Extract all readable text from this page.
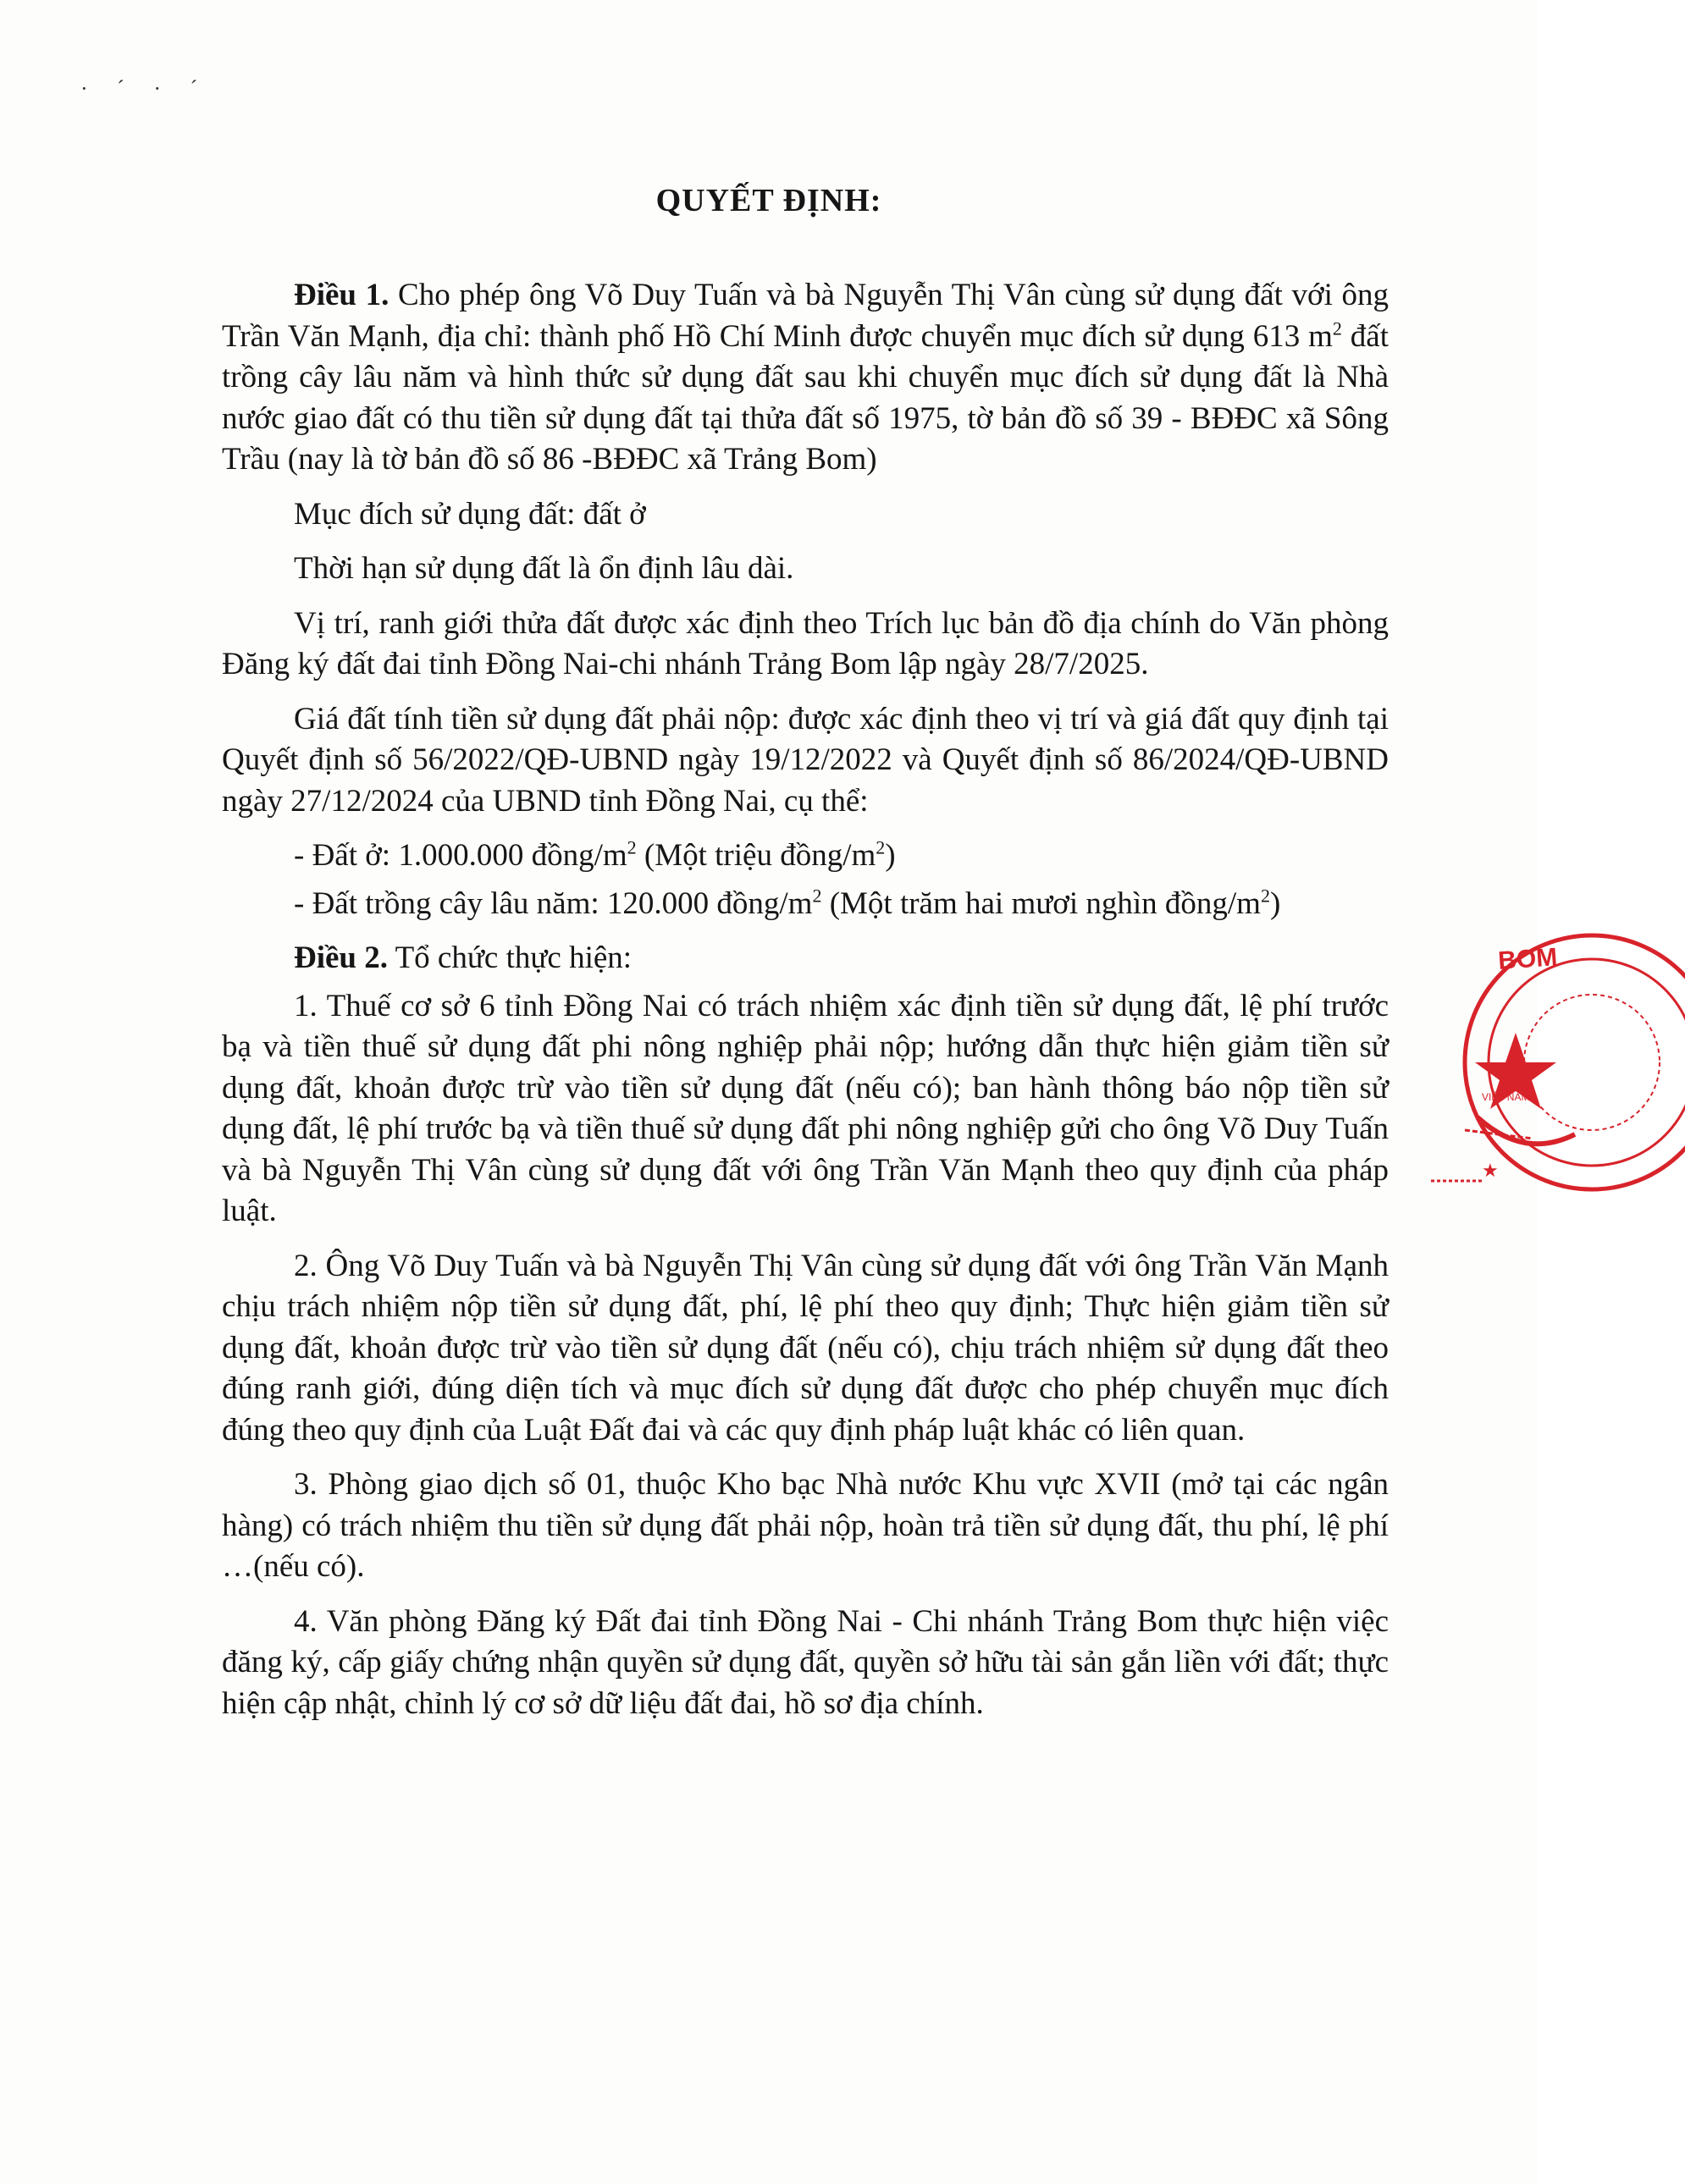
· ˊ · ˊ
QUYẾT ĐỊNH:

Điều 1. Cho phép ông Võ Duy Tuấn và bà Nguyễn Thị Vân cùng sử dụng đất với ông Trần Văn Mạnh, địa chỉ: thành phố Hồ Chí Minh được chuyển mục đích sử dụng 613 $m^2$ đất trồng cây lâu năm và hình thức sử dụng đất sau khi chuyển mục đích sử dụng đất là Nhà nước giao đất có thu tiền sử dụng đất tại thửa đất số 1975, tờ bản đồ số 39 - BĐĐC xã Sông Trầu (nay là tờ bản đồ số 86 -BĐĐC xã Trảng Bom)

Mục đích sử dụng đất: đất ở

Thời hạn sử dụng đất là ổn định lâu dài.

Vị trí, ranh giới thửa đất được xác định theo Trích lục bản đồ địa chính do Văn phòng Đăng ký đất đai tỉnh Đồng Nai-chi nhánh Trảng Bom lập ngày 28/7/2025.

Giá đất tính tiền sử dụng đất phải nộp: được xác định theo vị trí và giá đất quy định tại Quyết định số 56/2022/QĐ-UBND ngày 19/12/2022 và Quyết định số 86/2024/QĐ-UBND ngày 27/12/2024 của UBND tỉnh Đồng Nai, cụ thể:

- Đất ở: 1.000.000 đồng/$m^2$ (Một triệu đồng/$m^2$)

- Đất trồng cây lâu năm: 120.000 đồng/$m^2$ (Một trăm hai mươi nghìn đồng/$m^2$)

Điều 2. Tổ chức thực hiện:

1. Thuế cơ sở 6 tỉnh Đồng Nai có trách nhiệm xác định tiền sử dụng đất, lệ phí trước bạ và tiền thuế sử dụng đất phi nông nghiệp phải nộp; hướng dẫn thực hiện giảm tiền sử dụng đất, khoản được trừ vào tiền sử dụng đất (nếu có); ban hành thông báo nộp tiền sử dụng đất, lệ phí trước bạ và tiền thuế sử dụng đất phi nông nghiệp gửi cho ông Võ Duy Tuấn và bà Nguyễn Thị Vân cùng sử dụng đất với ông Trần Văn Mạnh theo quy định của pháp luật.

2. Ông Võ Duy Tuấn và bà Nguyễn Thị Vân cùng sử dụng đất với ông Trần Văn Mạnh chịu trách nhiệm nộp tiền sử dụng đất, phí, lệ phí theo quy định; Thực hiện giảm tiền sử dụng đất, khoản được trừ vào tiền sử dụng đất (nếu có), chịu trách nhiệm sử dụng đất theo đúng ranh giới, đúng diện tích và mục đích sử dụng đất được cho phép chuyển mục đích đúng theo quy định của Luật Đất đai và các quy định pháp luật khác có liên quan.

3. Phòng giao dịch số 01, thuộc Kho bạc Nhà nước Khu vực XVII (mở tại các ngân hàng) có trách nhiệm thu tiền sử dụng đất phải nộp, hoàn trả tiền sử dụng đất, thu phí, lệ phí …(nếu có).

4. Văn phòng Đăng ký Đất đai tỉnh Đồng Nai - Chi nhánh Trảng Bom thực hiện việc đăng ký, cấp giấy chứng nhận quyền sử dụng đất, quyền sở hữu tài sản gắn liền với đất; thực hiện cập nhật, chỉnh lý cơ sở dữ liệu đất đai, hồ sơ địa chính.

BOM
VIỆT NAM
★
